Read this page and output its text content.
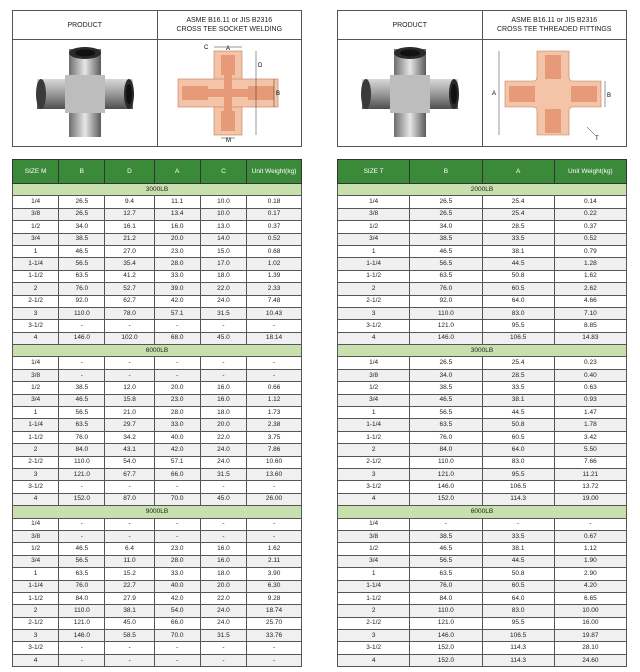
PRODUCT	ASME B16.11 or JIS B2316
CROSS TEE SOCKET WELDING

C A
D
B
M
SIZE M	B	D	A	C	Unit Weight(kg)
3000LB					
1/4	26.5	9.4	11.1	10.0	0.18
3/8	26.5	12.7	13.4	10.0	0.17
1/2	34.0	16.1	16.0	13.0	0.37
3/4	38.5	21.2	20.0	14.0	0.52
1	46.5	27.0	23.0	15.0	0.68
1-1/4	56.5	35.4	28.0	17.0	1.02
1-1/2	63.5	41.2	33.0	18.0	1.39
2	76.0	52.7	39.0	22.0	2.33
2-1/2	92.0	62.7	42.0	24.0	7.48
3	110.0	78.0	57.1	31.5	10.43
3-1/2	-	-	-	-	-
4	146.0	102.0	68.0	45.0	18.14
6000LB					
1/4	-	-	-	-	-
3/8	-	-	-	-	-
1/2	38.5	12.0	20.0	16.0	0.66
3/4	46.5	15.8	23.0	16.0	1.12
1	56.5	21.0	28.0	18.0	1.73
1-1/4	63.5	29.7	33.0	20.0	2.38
1-1/2	76.0	34.2	40.0	22.0	3.75
2	84.0	43.1	42.0	24.0	7.86
2-1/2	110.0	54.0	57.1	24.0	10.60
3	121.0	67.7	66.0	31.5	13.60
3-1/2	-	-	-	-	-
4	152.0	87.0	70.0	45.0	26.00
9000LB					
1/4	-	-	-	-	-
3/8	-	-	-	-	-
1/2	46.5	6.4	23.0	16.0	1.62
3/4	56.5	11.0	28.0	16.0	2.11
1	63.5	15.2	33.0	18.0	3.90
1-1/4	76.0	22.7	40.0	20.0	6.30
1-1/2	84.0	27.9	42.0	22.0	9.28
2	110.0	38.1	54.0	24.0	18.74
2-1/2	121.0	45.0	66.0	24.0	25.70
3	146.0	58.5	70.0	31.5	33.76
3-1/2	-	-	-	-	-
4	-	-	-	-	-
PRODUCT	ASME B16.11 or JIS B2316
CROSS TEE THREADED FITTINGS

A B
T
SIZE T	B	A	Unit Weight(kg)
2000LB			
1/4	26.5	25.4	0.14
3/8	26.5	25.4	0.22
1/2	34.0	28.5	0.37
3/4	38.5	33.5	0.52
1	46.5	38.1	0.79
1-1/4	56.5	44.5	1.28
1-1/2	63.5	50.8	1.62
2	76.0	60.5	2.62
2-1/2	92.0	64.0	4.66
3	110.0	83.0	7.10
3-1/2	121.0	95.5	8.85
4	146.0	106.5	14.83
3000LB			
1/4	26.5	25.4	0.23
3/8	34.0	28.5	0.40
1/2	38.5	33.5	0.63
3/4	46.5	38.1	0.93
1	56.5	44.5	1.47
1-1/4	63.5	50.8	1.78
1-1/2	76.0	60.5	3.42
2	84.0	64.0	5.50
2-1/2	110.0	83.0	7.66
3	121.0	95.5	11.21
3-1/2	146.0	106.5	13.72
4	152.0	114.3	19.00
6000LB			
1/4	-	-	-
3/8	38.5	33.5	0.67
1/2	46.5	38.1	1.12
3/4	56.5	44.5	1.90
1	63.5	50.8	2.90
1-1/4	76.0	60.5	4.20
1-1/2	84.0	64.0	6.65
2	110.0	83.0	10.00
2-1/2	121.0	95.5	16.00
3	146.0	106.5	19.87
3-1/2	152.0	114.3	28.10
4	152.0	114.3	24.60
